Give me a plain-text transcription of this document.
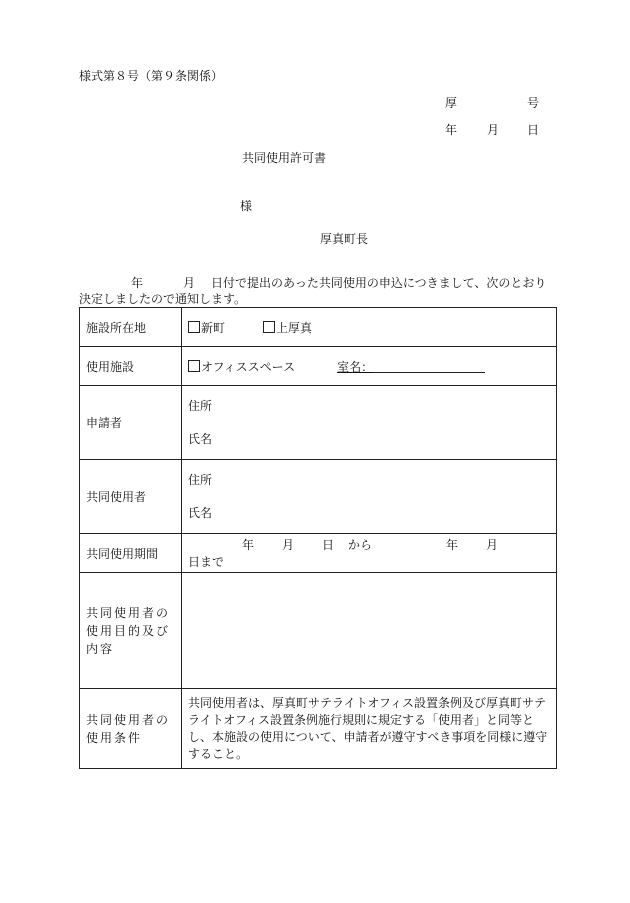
様式第８号（第９条関係）
厚	号
年 月 日
共同使用許可書
様
厚真町長
年	月 日付で提出のあった共同使用の申込につきまして、次のとおり決定しましたので通知します。
施設所在地	新町 上厚真
使用施設	オフィススペース 室名：
申請者	住所
氏名

共同使用者	住所
氏名

共同使用期間	年 月 日 から 年 月日まで
共同使用者の使用目的及び内容	
共同使用者の使用条件	共同使用者は、厚真町サテライトオフィス設置条例及び厚真町サテライトオフィス設置条例施行規則に規定する「使用者」と同等とし、本施設の使用について、申請者が遵守すべき事項を同様に遵守すること。
